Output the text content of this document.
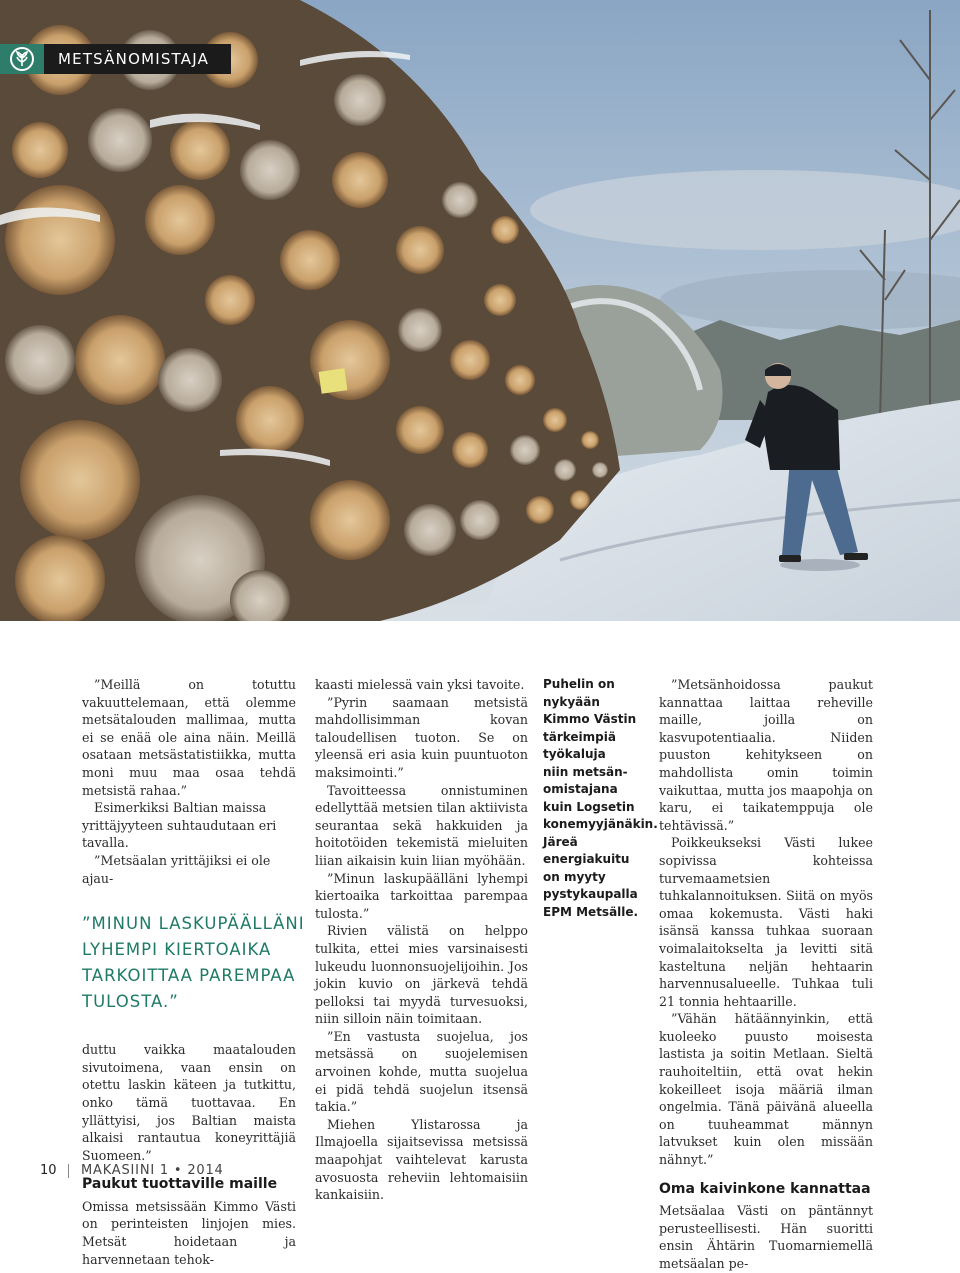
METSÄNOMISTAJA

”Meillä on totuttu vakuuttelemaan, että olemme metsätalouden mallimaa, mutta ei se enää ole aina näin. Meillä osataan metsästatistiikka, mutta moni muu maa osaa tehdä metsistä rahaa.”

Esimerkiksi Baltian maissa yrittäjyyteen suhtaudutaan eri tavalla.

”Metsäalan yrittäjiksi ei ole ajau-

”MINUN LASKUPÄÄLLÄNI
LYHEMPI KIERTOAIKA
TARKOITTAA PAREMPAA
TULOSTA.”

duttu vaikka maatalouden sivutoimena, vaan ensin on otettu laskin käteen ja tutkittu, onko tämä tuottavaa. En yllättyisi, jos Baltian maista alkaisi rantautua koneyrittäjiä Suomeen.”

Paukut tuottaville maille

Omissa metsissään Kimmo Västi on perinteisten linjojen mies. Metsät hoidetaan ja harvennetaan tehok-

kaasti mielessä vain yksi tavoite.

”Pyrin saamaan metsistä mahdollisimman kovan taloudellisen tuoton. Se on yleensä eri asia kuin puuntuoton maksimointi.”

Tavoitteessa onnistuminen edellyttää metsien tilan aktiivista seurantaa sekä hakkuiden ja hoitotöiden tekemistä mieluiten liian aikaisin kuin liian myöhään.

”Minun laskupäälläni lyhempi kiertoaika tarkoittaa parempaa tulosta.”

Rivien välistä on helppo tulkita, ettei mies varsinaisesti lukeudu luonnonsuojelijoihin. Jos jokin kuvio on järkevä tehdä pelloksi tai myydä turvesuoksi, niin silloin näin toimitaan.

”En vastusta suojelua, jos metsässä on suojelemisen arvoinen kohde, mutta suojelua ei pidä tehdä suojelun itsensä takia.”

Miehen Ylistarossa ja Ilmajoella sijaitsevissa metsissä maapohjat vaihtelevat karusta avosuosta reheviin lehtomaisiin kankaisiin.

Puhelin on
nykyään
Kimmo Västin
tärkeimpiä
työkaluja
niin metsän-
omistajana
kuin Logsetin
konemyyjänäkin.
Järeä
energiakuitu
on myyty
pystykaupalla
EPM Metsälle.

”Metsänhoidossa paukut kannattaa laittaa reheville maille, joilla on kasvupotentiaalia. Niiden puuston kehitykseen on mahdollista omin toimin vaikuttaa, mutta jos maapohja on karu, ei taikatemppuja ole tehtävissä.”

Poikkeukseksi Västi lukee sopivissa kohteissa turvemaametsien tuhkalannoituksen. Siitä on myös omaa kokemusta. Västi haki isänsä kanssa tuhkaa suoraan voimalaitokselta ja levitti sitä kasteltuna neljän hehtaarin harvennusalueelle. Tuhkaa tuli 21 tonnia hehtaarille.

”Vähän hätäännyinkin, että kuoleeko puusto moisesta lastista ja soitin Metlaan. Sieltä rauhoiteltiin, että ovat hekin kokeilleet isoja määriä ilman ongelmia. Tänä päivänä alueella on tuuheammat männyn latvukset kuin olen missään nähnyt.”

Oma kaivinkone kannattaa

Metsäalaa Västi on päntännyt perusteellisesti. Hän suoritti ensin Ähtärin Tuomarniemellä metsäalan pe-

10	MAKASIINI 1 • 2014
